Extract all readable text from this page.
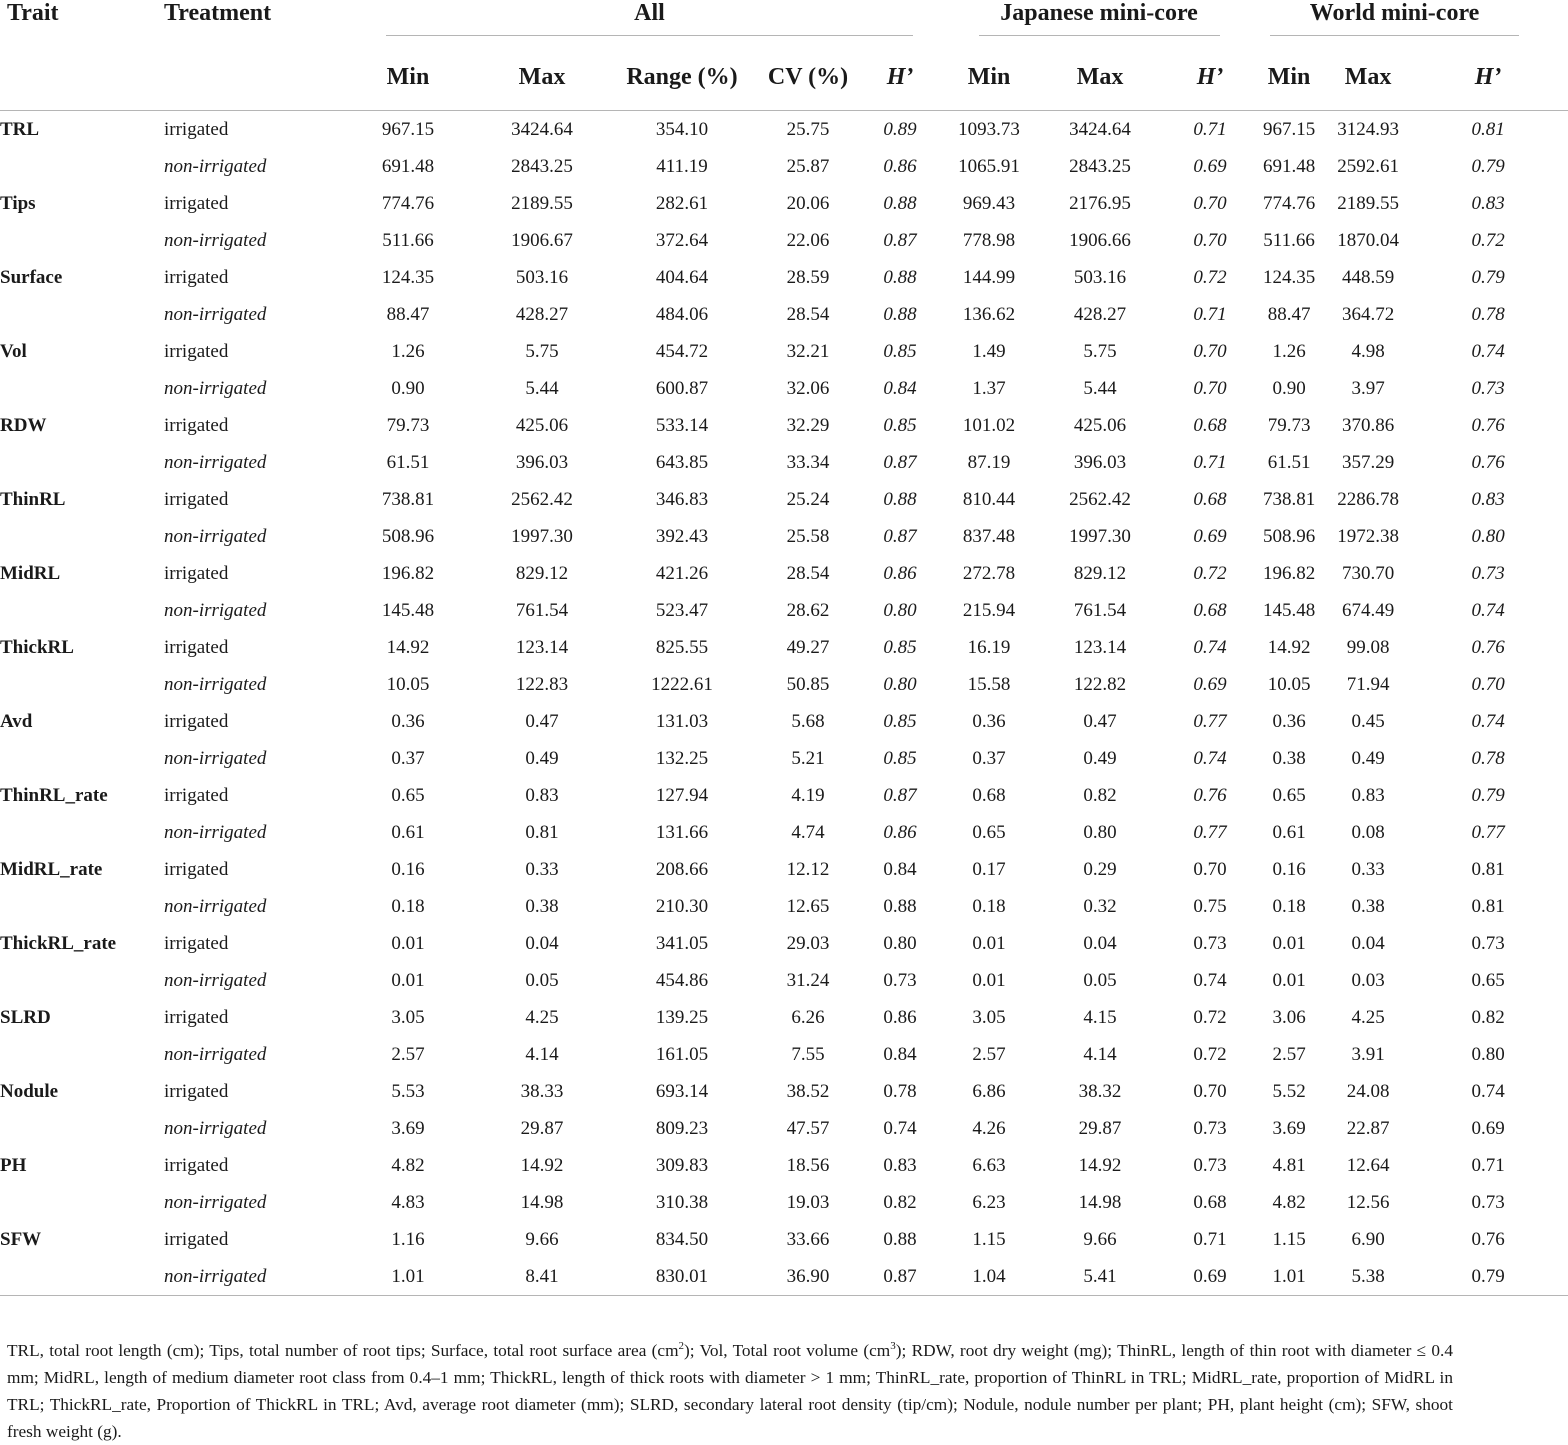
Trait	Treatment		All						Japanese mini-core				World mini-core		

		Min		Max	Range (%)	CV (%)	H’		Min	Max	H’	Min		Max	H’
TRL	irrigated	967.15		3424.64	354.10	25.75	0.89		1093.73	3424.64	0.71	967.15		3124.93	0.81
	non-irrigated	691.48		2843.25	411.19	25.87	0.86		1065.91	2843.25	0.69	691.48		2592.61	0.79
Tips	irrigated	774.76		2189.55	282.61	20.06	0.88		969.43	2176.95	0.70	774.76		2189.55	0.83
	non-irrigated	511.66		1906.67	372.64	22.06	0.87		778.98	1906.66	0.70	511.66		1870.04	0.72
Surface	irrigated	124.35		503.16	404.64	28.59	0.88		144.99	503.16	0.72	124.35		448.59	0.79
	non-irrigated	88.47		428.27	484.06	28.54	0.88		136.62	428.27	0.71	88.47		364.72	0.78
Vol	irrigated	1.26		5.75	454.72	32.21	0.85		1.49	5.75	0.70	1.26		4.98	0.74
	non-irrigated	0.90		5.44	600.87	32.06	0.84		1.37	5.44	0.70	0.90		3.97	0.73
RDW	irrigated	79.73		425.06	533.14	32.29	0.85		101.02	425.06	0.68	79.73		370.86	0.76
	non-irrigated	61.51		396.03	643.85	33.34	0.87		87.19	396.03	0.71	61.51		357.29	0.76
ThinRL	irrigated	738.81		2562.42	346.83	25.24	0.88		810.44	2562.42	0.68	738.81		2286.78	0.83
	non-irrigated	508.96		1997.30	392.43	25.58	0.87		837.48	1997.30	0.69	508.96		1972.38	0.80
MidRL	irrigated	196.82		829.12	421.26	28.54	0.86		272.78	829.12	0.72	196.82		730.70	0.73
	non-irrigated	145.48		761.54	523.47	28.62	0.80		215.94	761.54	0.68	145.48		674.49	0.74
ThickRL	irrigated	14.92		123.14	825.55	49.27	0.85		16.19	123.14	0.74	14.92		99.08	0.76
	non-irrigated	10.05		122.83	1222.61	50.85	0.80		15.58	122.82	0.69	10.05		71.94	0.70
Avd	irrigated	0.36		0.47	131.03	5.68	0.85		0.36	0.47	0.77	0.36		0.45	0.74
	non-irrigated	0.37		0.49	132.25	5.21	0.85		0.37	0.49	0.74	0.38		0.49	0.78
ThinRL_rate	irrigated	0.65		0.83	127.94	4.19	0.87		0.68	0.82	0.76	0.65		0.83	0.79
	non-irrigated	0.61		0.81	131.66	4.74	0.86		0.65	0.80	0.77	0.61		0.08	0.77
MidRL_rate	irrigated	0.16		0.33	208.66	12.12	0.84		0.17	0.29	0.70	0.16		0.33	0.81
	non-irrigated	0.18		0.38	210.30	12.65	0.88		0.18	0.32	0.75	0.18		0.38	0.81
ThickRL_rate	irrigated	0.01		0.04	341.05	29.03	0.80		0.01	0.04	0.73	0.01		0.04	0.73
	non-irrigated	0.01		0.05	454.86	31.24	0.73		0.01	0.05	0.74	0.01		0.03	0.65
SLRD	irrigated	3.05		4.25	139.25	6.26	0.86		3.05	4.15	0.72	3.06		4.25	0.82
	non-irrigated	2.57		4.14	161.05	7.55	0.84		2.57	4.14	0.72	2.57		3.91	0.80
Nodule	irrigated	5.53		38.33	693.14	38.52	0.78		6.86	38.32	0.70	5.52		24.08	0.74
	non-irrigated	3.69		29.87	809.23	47.57	0.74		4.26	29.87	0.73	3.69		22.87	0.69
PH	irrigated	4.82		14.92	309.83	18.56	0.83		6.63	14.92	0.73	4.81		12.64	0.71
	non-irrigated	4.83		14.98	310.38	19.03	0.82		6.23	14.98	0.68	4.82		12.56	0.73
SFW	irrigated	1.16		9.66	834.50	33.66	0.88		1.15	9.66	0.71	1.15		6.90	0.76
	non-irrigated	1.01		8.41	830.01	36.90	0.87		1.04	5.41	0.69	1.01		5.38	0.79
TRL, total root length (cm); Tips, total number of root tips; Surface, total root surface area $(cm^2)$; Vol, Total root volume $(cm^3)$; RDW, root dry weight (mg); ThinRL, length of thin root with diameter ≤ 0.4 mm; MidRL, length of medium diameter root class from 0.4–1 mm; ThickRL, length of thick roots with diameter > 1 mm; ThinRL_rate, proportion of ThinRL in TRL; MidRL_rate, proportion of MidRL in TRL; ThickRL_rate, Proportion of ThickRL in TRL; Avd, average root diameter (mm); SLRD, secondary lateral root density (tip/cm); Nodule, nodule number per plant; PH, plant height (cm); SFW, shoot fresh weight (g).
